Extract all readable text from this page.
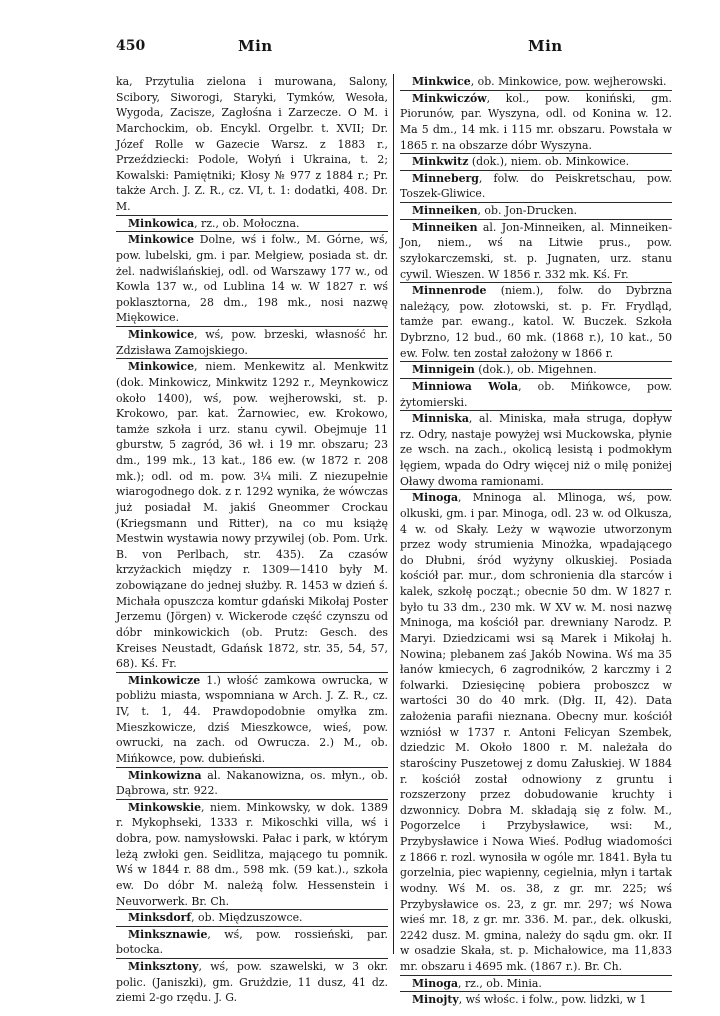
450	Min	Min

ka, Przytulia zielona i murowana, Salony, Scibory, Siworogi, Staryki, Tymków, Wesoła, Wygoda, Zacisze, Zagłośna i Zarzecze. O M. i Marchockim, ob. Encykl. Orgelbr. t. XVII; Dr. Józef Rolle w Gazecie Warsz. z 1883 r., Przeździecki: Podole, Wołyń i Ukraina, t. 2; Kowalski: Pamiętniki; Kłosy № 977 z 1884 r.; Pr. także Arch. J. Z. R., cz. VI, t. 1: dodatki, 408. Dr. M.

Minkowica, rz., ob. Mołoczna.

Minkowice Dolne, wś i folw., M. Górne, wś, pow. lubelski, gm. i par. Mełgiew, posiada st. dr. żel. nadwiślańskiej, odl. od Warszawy 177 w., od Kowla 137 w., od Lublina 14 w. W 1827 r. wś poklasztorna, 28 dm., 198 mk., nosi nazwę Miękowice.

Minkowice, wś, pow. brzeski, własność hr. Zdzisława Zamojskiego.

Minkowice, niem. Menkewitz al. Menkwitz (dok. Minkowicz, Minkwitz 1292 r., Meynkowicz około 1400), wś, pow. wejherowski, st. p. Krokowo, par. kat. Żarnowiec, ew. Krokowo, tamże szkoła i urz. stanu cywil. Obejmuje 11 gburstw, 5 zagród, 36 wł. i 19 mr. obszaru; 23 dm., 199 mk., 13 kat., 186 ew. (w 1872 r. 208 mk.); odl. od m. pow. 3¼ mili. Z niezupełnie wiarogodnego dok. z r. 1292 wynika, że wówczas już posiadał M. jakiś Gneommer Crockau (Kriegsmann und Ritter), na co mu książę Mestwin wystawia nowy przywilej (ob. Pom. Urk. B. von Perlbach, str. 435). Za czasów krzyżackich między r. 1309—1410 były M. zobowiązane do jednej służby. R. 1453 w dzień ś. Michała opuszcza komtur gdański Mikołaj Poster Jerzemu (Jörgen) v. Wickerode część czynszu od dóbr minkowickich (ob. Prutz: Gesch. des Kreises Neustadt, Gdańsk 1872, str. 35, 54, 57, 68). Kś. Fr.

Minkowicze 1.) włość zamkowa owrucka, w pobliżu miasta, wspomniana w Arch. J. Z. R., cz. IV, t. 1, 44. Prawdopodobnie omyłka zm. Mieszkowicze, dziś Mieszkowce, wieś, pow. owrucki, na zach. od Owrucza. 2.) M., ob. Mińkowce, pow. dubieński.

Minkowizna al. Nakanowizna, os. młyn., ob. Dąbrowa, str. 922.

Minkowskie, niem. Minkowsky, w dok. 1389 r. Mykophseki, 1333 r. Mikoschki villa, wś i dobra, pow. namysłowski. Pałac i park, w którym leżą zwłoki gen. Seidlitza, mającego tu pomnik. Wś w 1844 r. 88 dm., 598 mk. (59 kat.)., szkoła ew. Do dóbr M. należą folw. Hessenstein i Neuvorwerk. Br. Ch.

Minksdorf, ob. Międzuszowce.

Minksznawie, wś, pow. rossieński, par. botocka.

Minksztony, wś, pow. szawelski, w 3 okr. polic. (Janiszki), gm. Grużdzie, 11 dusz, 41 dz. ziemi 2-go rzędu. J. G.

Minkwice, ob. Minkowice, pow. wejherowski.

Minkwiczów, kol., pow. koniński, gm. Piorunów, par. Wyszyna, odl. od Konina w. 12. Ma 5 dm., 14 mk. i 115 mr. obszaru. Powstała w 1865 r. na obszarze dóbr Wyszyna.

Minkwitz (dok.), niem. ob. Minkowice.

Minneberg, folw. do Peiskretschau, pow. Toszek-Gliwice.

Minneiken, ob. Jon-Drucken.

Minneiken al. Jon-Minneiken, al. Minneiken-Jon, niem., wś na Litwie prus., pow. szyłokarczemski, st. p. Jugnaten, urz. stanu cywil. Wieszen. W 1856 r. 332 mk. Kś. Fr.

Minnenrode (niem.), folw. do Dybrzna należący, pow. złotowski, st. p. Fr. Frydląd, tamże par. ewang., katol. W. Buczek. Szkoła Dybrzno, 12 bud., 60 mk. (1868 r.), 10 kat., 50 ew. Folw. ten został założony w 1866 r.

Minnigein (dok.), ob. Migehnen.

Minniowa Wola, ob. Mińkowce, pow. żytomierski.

Minniska, al. Miniska, mała struga, dopływ rz. Odry, nastaje powyżej wsi Muckowska, płynie ze wsch. na zach., okolicą lesistą i podmokłym łęgiem, wpada do Odry więcej niż o milę poniżej Oławy dwoma ramionami.

Minoga, Mninoga al. Mlinoga, wś, pow. olkuski, gm. i par. Minoga, odl. 23 w. od Olkusza, 4 w. od Skały. Leży w wąwozie utworzonym przez wody strumienia Minożka, wpadającego do Dłubni, śród wyżyny olkuskiej. Posiada kościół par. mur., dom schronienia dla starców i kalek, szkołę począt.; obecnie 50 dm. W 1827 r. było tu 33 dm., 230 mk. W XV w. M. nosi nazwę Mninoga, ma kościół par. drewniany Narodz. P. Maryi. Dziedzicami wsi są Marek i Mikołaj h. Nowina; plebanem zaś Jakób Nowina. Wś ma 35 łanów kmiecych, 6 zagrodników, 2 karczmy i 2 folwarki. Dziesięcinę pobiera proboszcz w wartości 30 do 40 mrk. (Dłg. II, 42). Data założenia parafii nieznana. Obecny mur. kościół wzniósł w 1737 r. Antoni Felicyan Szembek, dziedzic M. Około 1800 r. M. należała do starościny Puszetowej z domu Załuskiej. W 1884 r. kościół został odnowiony z gruntu i rozszerzony przez dobudowanie kruchty i dzwonnicy. Dobra M. składają się z folw. M., Pogorzelce i Przybysławice, wsi: M., Przybysławice i Nowa Wieś. Podług wiadomości z 1866 r. rozl. wynosiła w ogóle mr. 1841. Była tu gorzelnia, piec wapienny, cegielnia, młyn i tartak wodny. Wś M. os. 38, z gr. mr. 225; wś Przybysławice os. 23, z gr. mr. 297; wś Nowa wieś mr. 18, z gr. mr. 336. M. par., dek. olkuski, 2242 dusz. M. gmina, należy do sądu gm. okr. II w osadzie Skała, st. p. Michałowice, ma 11,833 mr. obszaru i 4695 mk. (1867 r.). Br. Ch.

Minoga, rz., ob. Minia.

Minojty, wś włośc. i folw., pow. lidzki, w 1
